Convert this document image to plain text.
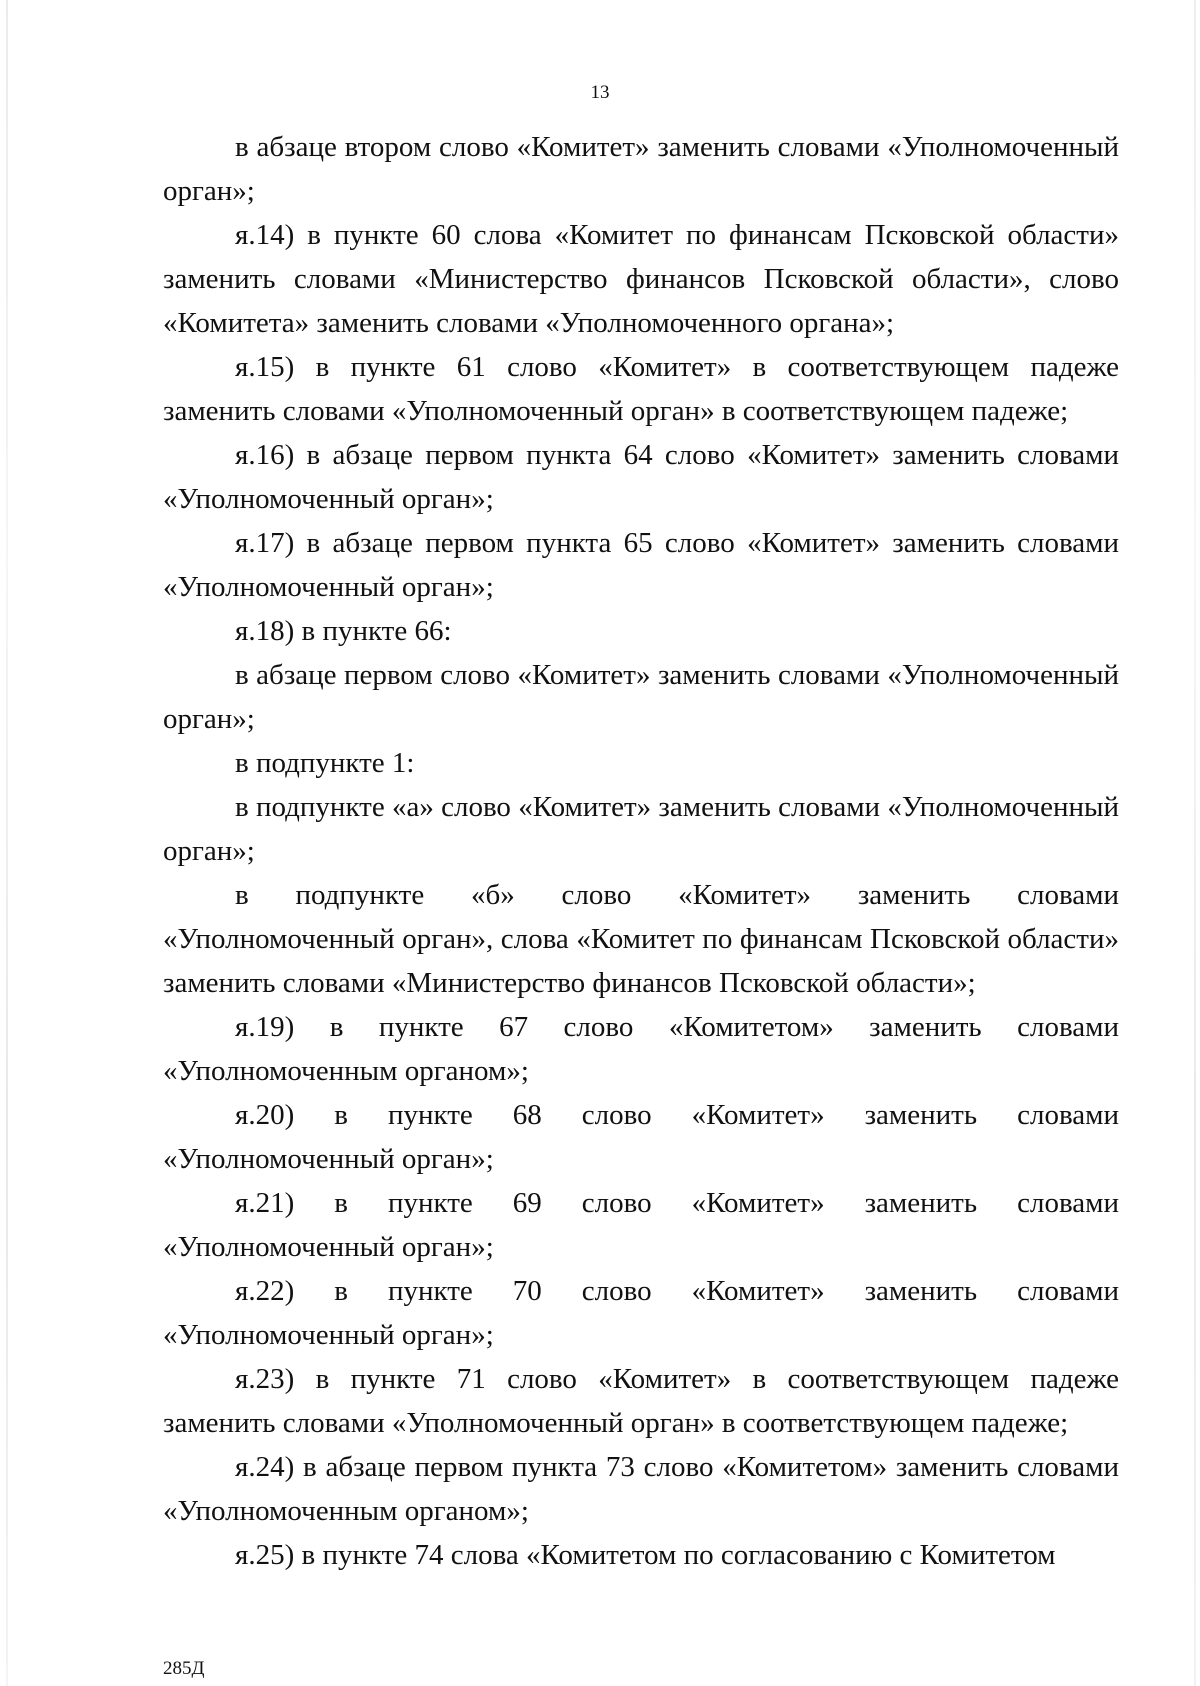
13

в абзаце втором слово «Комитет» заменить словами «Уполномоченный орган»;

я.14) в пункте 60 слова «Комитет по финансам Псковской области» заменить словами «Министерство финансов Псковской области», слово «Комитета» заменить словами «Уполномоченного органа»;

я.15) в пункте 61 слово «Комитет» в соответствующем падеже заменить словами «Уполномоченный орган» в соответствующем падеже;

я.16) в абзаце первом пункта 64 слово «Комитет» заменить словами «Уполномоченный орган»;

я.17) в абзаце первом пункта 65 слово «Комитет» заменить словами «Уполномоченный орган»;

я.18) в пункте 66:

в абзаце первом слово «Комитет» заменить словами «Уполномоченный орган»;

в подпункте 1:

в подпункте «а» слово «Комитет» заменить словами «Уполномоченный орган»;

в подпункте «б» слово «Комитет» заменить словами «Уполномоченный орган», слова «Комитет по финансам Псковской области» заменить словами «Министерство финансов Псковской области»;

я.19) в пункте 67 слово «Комитетом» заменить словами «Уполномоченным органом»;

я.20) в пункте 68 слово «Комитет» заменить словами «Уполномоченный орган»;

я.21) в пункте 69 слово «Комитет» заменить словами «Уполномоченный орган»;

я.22) в пункте 70 слово «Комитет» заменить словами «Уполномоченный орган»;

я.23) в пункте 71 слово «Комитет» в соответствующем падеже заменить словами «Уполномоченный орган» в соответствующем падеже;

я.24) в абзаце первом пункта 73 слово «Комитетом» заменить словами «Уполномоченным органом»;

я.25) в пункте 74 слова «Комитетом по согласованию с Комитетом

285Д
